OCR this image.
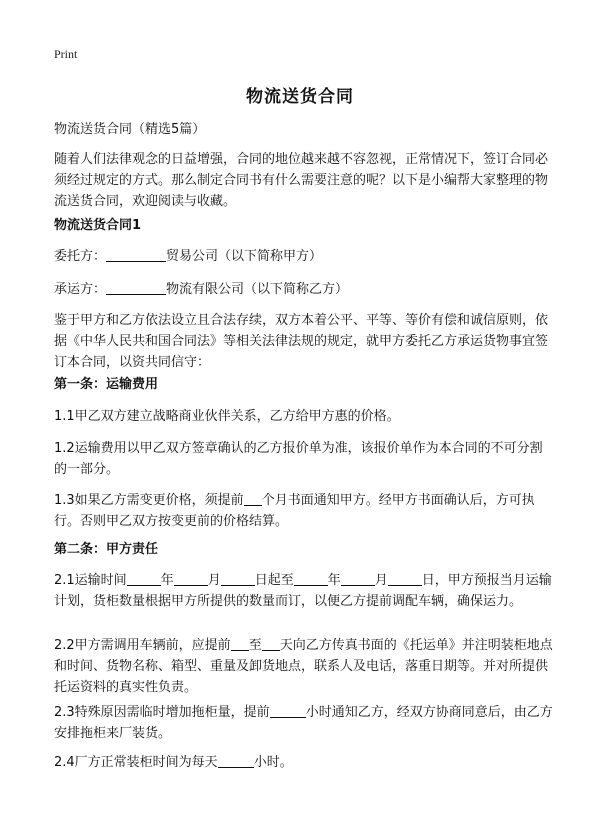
Print
物流送货合同

物流送货合同（精选5篇）

随着人们法律观念的日益增强，合同的地位越来越不容忽视，正常情况下，签订合同必须经过规定的方式。那么制定合同书有什么需要注意的呢？以下是小编帮大家整理的物流送货合同，欢迎阅读与收藏。

物流送货合同1

委托方：	贸易公司（以下简称甲方）

承运方：	物流有限公司（以下简称乙方）

鉴于甲方和乙方依法设立且合法存续，双方本着公平、平等、等价有偿和诚信原则，依据《中华人民共和国合同法》等相关法律法规的规定，就甲方委托乙方承运货物事宜签订本合同，以资共同信守：

第一条：运输费用

1.1甲乙双方建立战略商业伙伴关系，乙方给甲方惠的价格。

1.2运输费用以甲乙双方签章确认的乙方报价单为准，该报价单作为本合同的不可分割的一部分。

1.3如果乙方需变更价格，须提前 个月书面通知甲方。经甲方书面确认后，方可执行。否则甲乙双方按变更前的价格结算。

第二条：甲方责任

2.1运输时间	年	月	日起至	年	月	日，甲方预报当月运输计划，货柜数量根据甲方所提供的数量而订，以便乙方提前调配车辆，确保运力。

2.2甲方需调用车辆前，应提前 至 天向乙方传真书面的《托运单》并注明装柜地点和时间、货物名称、箱型、重量及卸货地点，联系人及电话，落重日期等。并对所提供托运资料的真实性负责。

2.3特殊原因需临时增加拖柜量，提前	小时通知乙方，经双方协商同意后，由乙方安排拖柜来厂装货。

2.4厂方正常装柜时间为每天	小时。
